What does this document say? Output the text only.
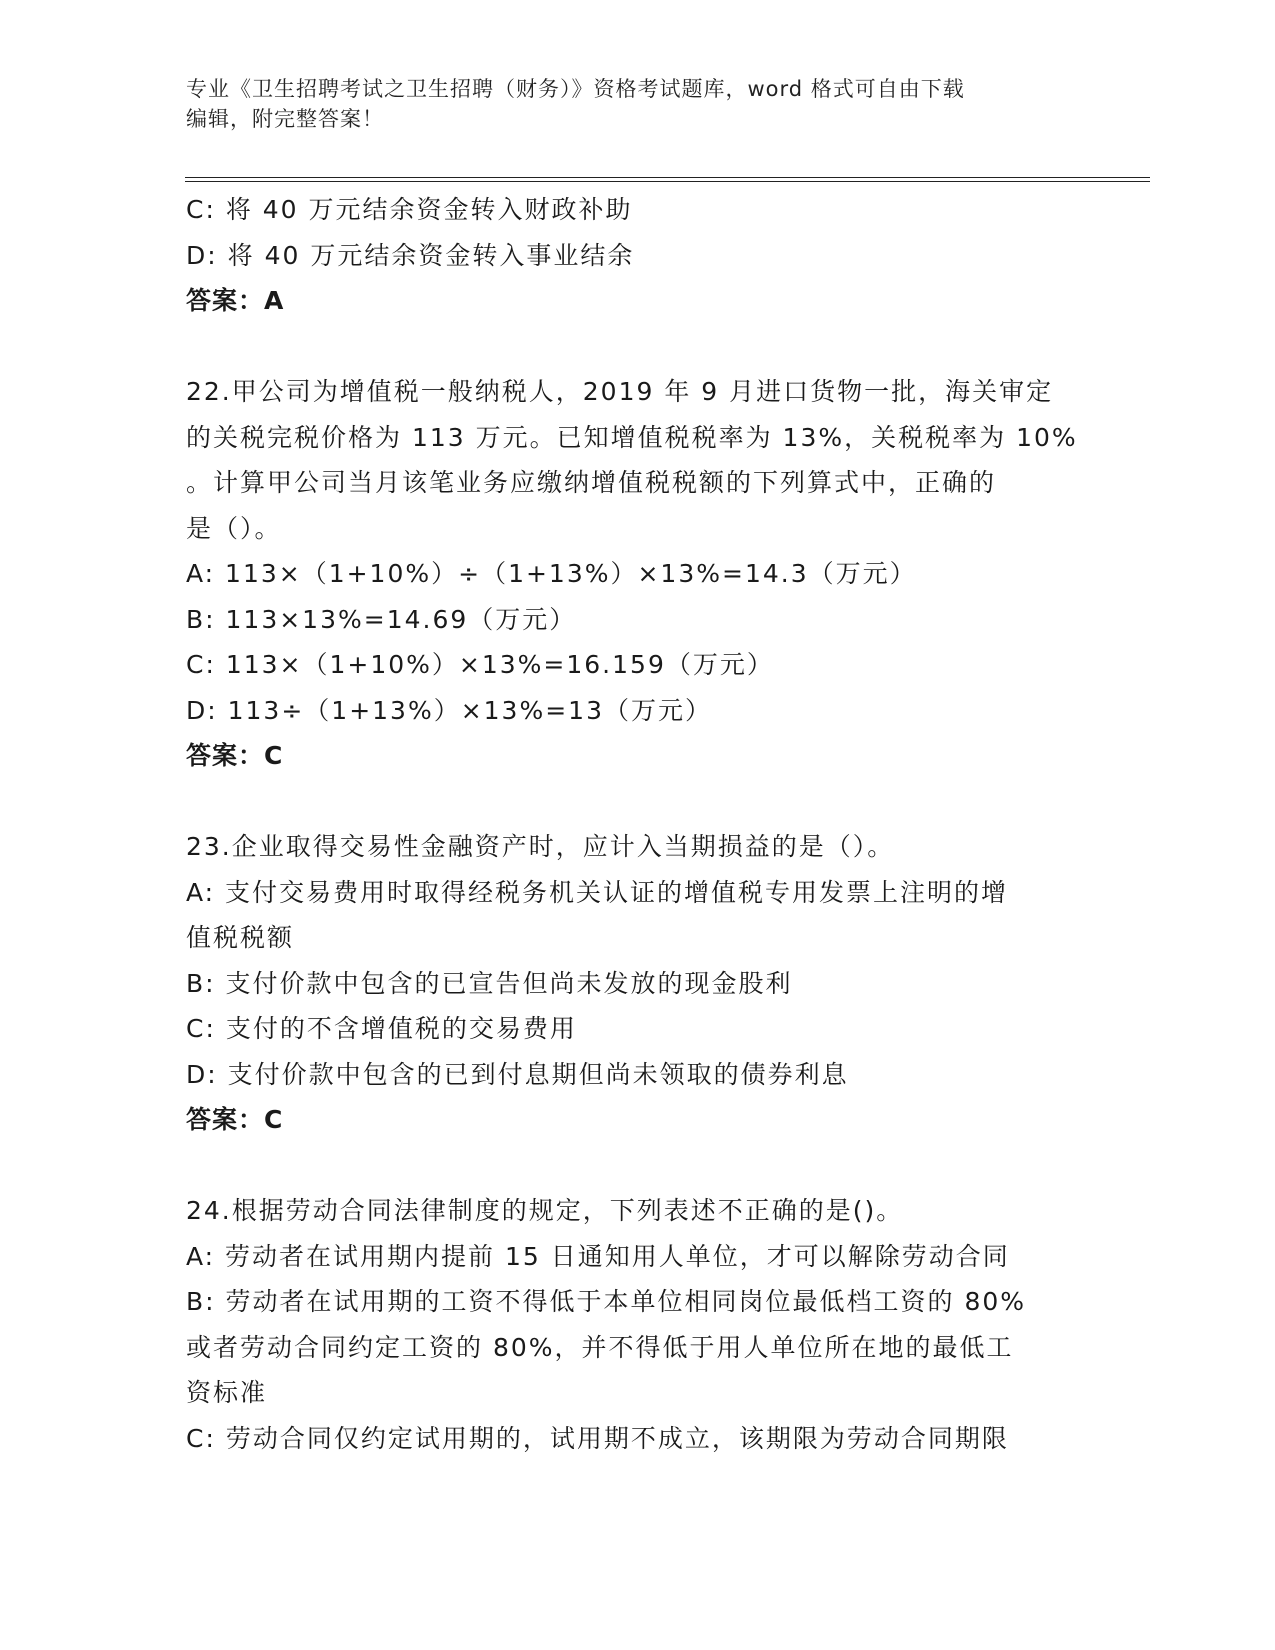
专业《卫生招聘考试之卫生招聘（财务）》资格考试题库，word 格式可自由下载
编辑，附完整答案！
C: 将 40 万元结余资金转入财政补助
D: 将 40 万元结余资金转入事业结余
答案：A
22.甲公司为增值税一般纳税人，2019 年 9 月进口货物一批，海关审定
的关税完税价格为 113 万元。已知增值税税率为 13%，关税税率为 10%
。计算甲公司当月该笔业务应缴纳增值税税额的下列算式中，正确的
是（）。
A: 113×（1+10%）÷（1+13%）×13%=14.3（万元）
B: 113×13%=14.69（万元）
C: 113×（1+10%）×13%=16.159（万元）
D: 113÷（1+13%）×13%=13（万元）
答案：C
23.企业取得交易性金融资产时，应计入当期损益的是（）。
A: 支付交易费用时取得经税务机关认证的增值税专用发票上注明的增
值税税额
B: 支付价款中包含的已宣告但尚未发放的现金股利
C: 支付的不含增值税的交易费用
D: 支付价款中包含的已到付息期但尚未领取的债券利息
答案：C
24.根据劳动合同法律制度的规定，下列表述不正确的是()。
A: 劳动者在试用期内提前 15 日通知用人单位，才可以解除劳动合同
B: 劳动者在试用期的工资不得低于本单位相同岗位最低档工资的 80%
或者劳动合同约定工资的 80%，并不得低于用人单位所在地的最低工
资标准
C: 劳动合同仅约定试用期的，试用期不成立，该期限为劳动合同期限
